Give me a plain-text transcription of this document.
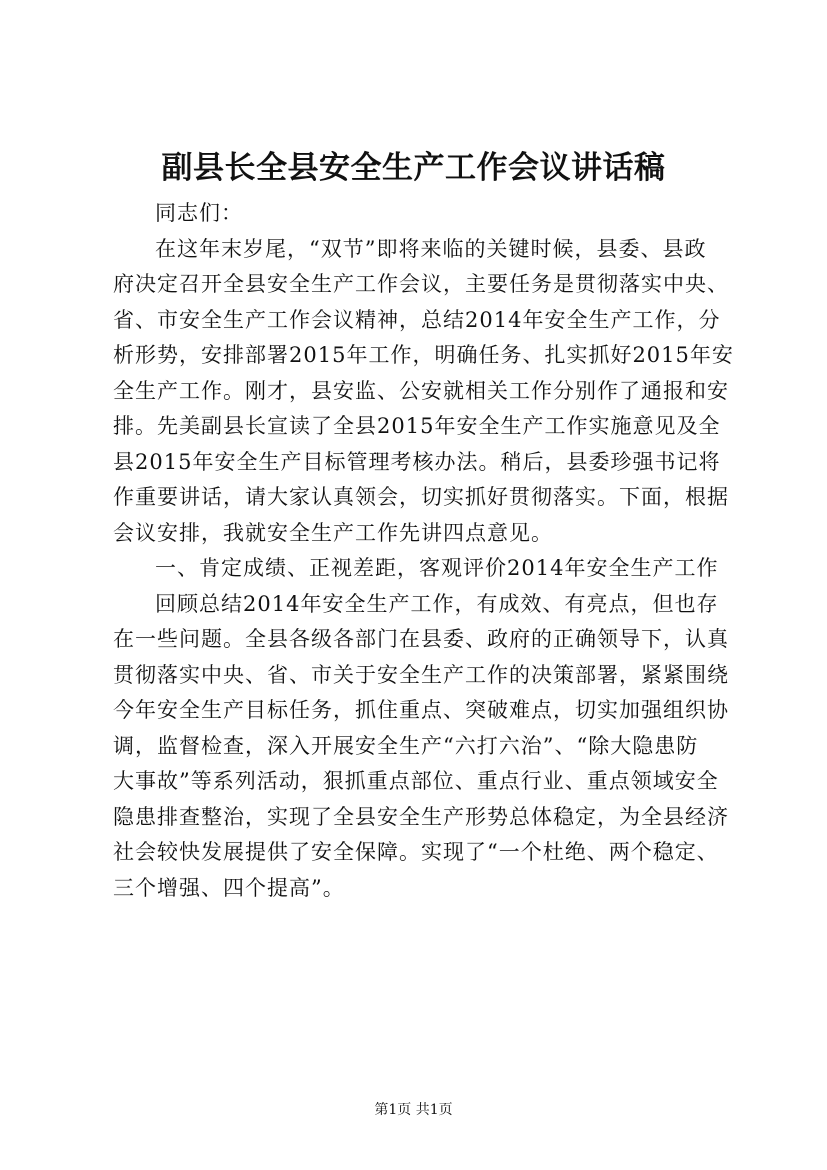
副县长全县安全生产工作会议讲话稿
同志们：
在这年末岁尾，“双节”即将来临的关键时候，县委、县政
府决定召开全县安全生产工作会议，主要任务是贯彻落实中央、
省、市安全生产工作会议精神，总结2014年安全生产工作，分
析形势，安排部署2015年工作，明确任务、扎实抓好2015年安
全生产工作。刚才，县安监、公安就相关工作分别作了通报和安
排。先美副县长宣读了全县2015年安全生产工作实施意见及全
县2015年安全生产目标管理考核办法。稍后，县委珍强书记将
作重要讲话，请大家认真领会，切实抓好贯彻落实。下面，根据
会议安排，我就安全生产工作先讲四点意见。
一、肯定成绩、正视差距，客观评价2014年安全生产工作
回顾总结2014年安全生产工作，有成效、有亮点，但也存
在一些问题。全县各级各部门在县委、政府的正确领导下，认真
贯彻落实中央、省、市关于安全生产工作的决策部署，紧紧围绕
今年安全生产目标任务，抓住重点、突破难点，切实加强组织协
调，监督检查，深入开展安全生产“六打六治”、“除大隐患防
大事故”等系列活动，狠抓重点部位、重点行业、重点领域安全
隐患排查整治，实现了全县安全生产形势总体稳定，为全县经济
社会较快发展提供了安全保障。实现了“一个杜绝、两个稳定、
三个增强、四个提高”。
第1页 共1页
